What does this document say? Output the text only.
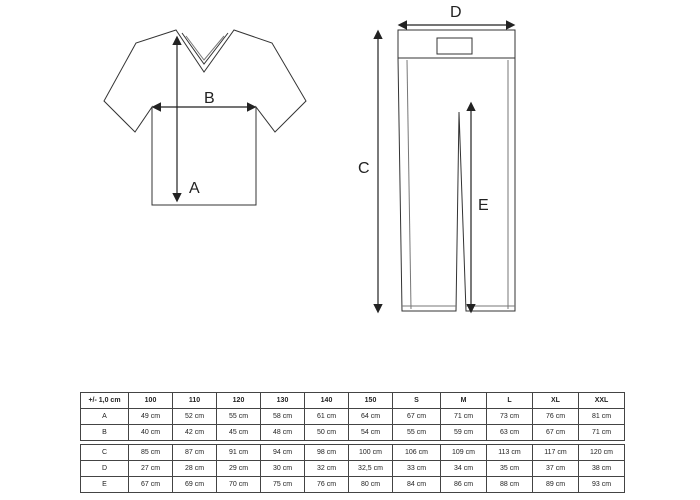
A
B
D
C
E
+/- 1,0 cm	100	110	120	130	140	150	S	M	L	XL	XXL
A	49 cm	52 cm	55 cm	58 cm	61 cm	64 cm	67 cm	71 cm	73 cm	76 cm	81 cm
B	40 cm	42 cm	45 cm	48 cm	50 cm	54 cm	55 cm	59 cm	63 cm	67 cm	71 cm

C	85 cm	87 cm	91 cm	94 cm	98 cm	100 cm	106 cm	109 cm	113 cm	117 cm	120 cm
D	27 cm	28 cm	29 cm	30 cm	32 cm	32,5 cm	33 cm	34 cm	35 cm	37 cm	38 cm
E	67 cm	69 cm	70 cm	75 cm	76 cm	80 cm	84 cm	86 cm	88 cm	89 cm	93 cm
